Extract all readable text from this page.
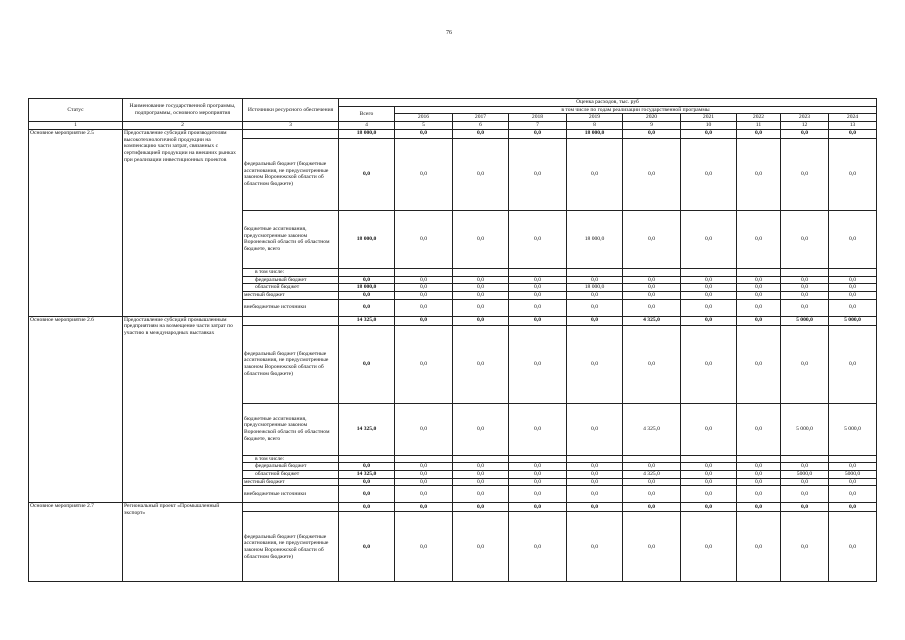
76
Статус	Наименование государственной программы, подпрограммы, основного мероприятия	Источники ресурсного обеспечения	Оценка расходов, тыс. руб									
			Всего	в том числе по годам реализации государственной программы								
				2016	2017	2018	2019	2020	2021	2022	2023	2024
1	2	3	4	5	6	7	8	9	10	11	12	13
Основное мероприятие 2.5	Предоставление субсидий производителям высокотехнологичной продукции на компенсацию части затрат, связанных с сертификацией продукции на внешних рынках при реализации инвестиционных проектов		18 000,0	0,0	0,0	0,0	18 000,0	0,0	0,0	0,0	0,0	0,0
		федеральный бюджет (бюджетные ассигнования, не предусмотренные законом Воронежской области об областном бюджете)	0,0	0,0	0,0	0,0	0,0	0,0	0,0	0,0	0,0	0,0
		бюджетные ассигнования, предусмотренные законом Воронежской области об областном бюджете, всего	18 000,0	0,0	0,0	0,0	18 000,0	0,0	0,0	0,0	0,0	0,0
		в том числе:										
		федеральный бюджет	0,0	0,0	0,0	0,0	0,0	0,0	0,0	0,0	0,0	0,0
		областной бюджет	18 000,0	0,0	0,0	0,0	18 000,0	0,0	0,0	0,0	0,0	0,0
		местный бюджет	0,0	0,0	0,0	0,0	0,0	0,0	0,0	0,0	0,0	0,0
		внебюджетные источники	0,0	0,0	0,0	0,0	0,0	0,0	0,0	0,0	0,0	0,0
Основное мероприятие 2.6	Предоставление субсидий промышленным предприятиям на возмещение части затрат по участию в международных выставках		14 325,0	0,0	0,0	0,0	0,0	4 325,0	0,0	0,0	5 000,0	5 000,0
		федеральный бюджет (бюджетные ассигнования, не предусмотренные законом Воронежской области об областном бюджете)	0,0	0,0	0,0	0,0	0,0	0,0	0,0	0,0	0,0	0,0
		бюджетные ассигнования, предусмотренные законом Воронежской области об областном бюджете, всего	14 325,0	0,0	0,0	0,0	0,0	4 325,0	0,0	0,0	5 000,0	5 000,0
		в том числе:										
		федеральный бюджет	0,0	0,0	0,0	0,0	0,0	0,0	0,0	0,0	0,0	0,0
		областной бюджет	14 325,0	0,0	0,0	0,0	0,0	4 325,0	0,0	0,0	5000,0	5000,0
		местный бюджет	0,0	0,0	0,0	0,0	0,0	0,0	0,0	0,0	0,0	0,0
		внебюджетные источники	0,0	0,0	0,0	0,0	0,0	0,0	0,0	0,0	0,0	0,0
Основное мероприятие 2.7	Региональный проект «Промышленный экспорт»		0,0	0,0	0,0	0,0	0,0	0,0	0,0	0,0	0,0	0,0
		федеральный бюджет (бюджетные ассигнования, не предусмотренные законом Воронежской области об областном бюджете)	0,0	0,0	0,0	0,0	0,0	0,0	0,0	0,0	0,0	0,0
